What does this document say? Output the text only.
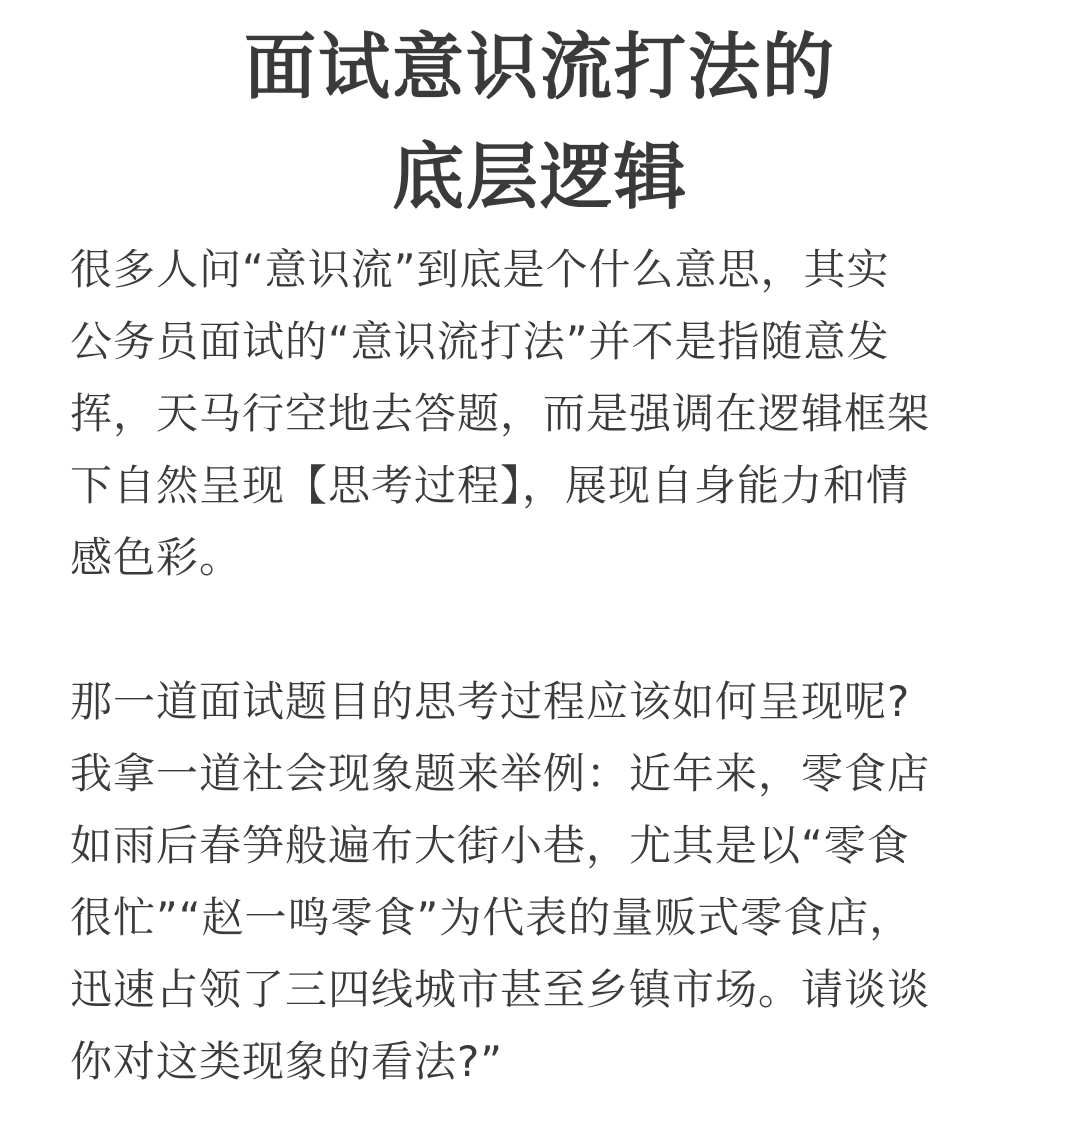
面试意识流打法的
底层逻辑

很多人问“意识流”到底是个什么意思，其实
公务员面试的“意识流打法”并不是指随意发
挥，天马行空地去答题，而是强调在逻辑框架
下自然呈现【思考过程】，展现自身能力和情
感色彩。

那一道面试题目的思考过程应该如何呈现呢?
我拿一道社会现象题来举例：近年来，零食店
如雨后春笋般遍布大街小巷，尤其是以“零食
很忙”“赵一鸣零食”为代表的量贩式零食店，
迅速占领了三四线城市甚至乡镇市场。请谈谈
你对这类现象的看法?”
